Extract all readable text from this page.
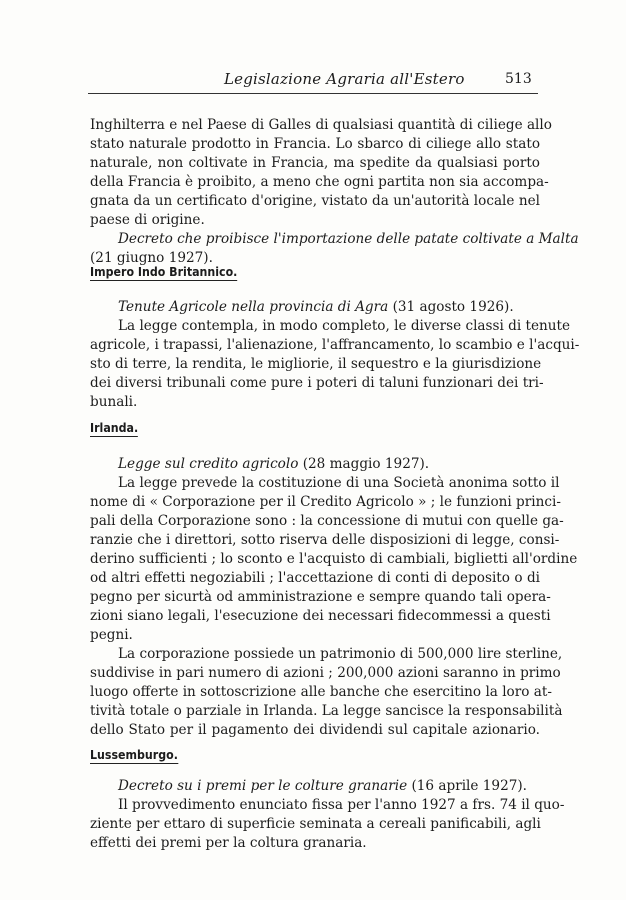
Legislazione Agraria all'Estero	513
Inghilterra e nel Paese di Galles di qualsiasi quantità di ciliege allo
stato naturale prodotto in Francia. Lo sbarco di ciliege allo stato
naturale, non coltivate in Francia, ma spedite da qualsiasi porto
della Francia è proibito, a meno che ogni partita non sia accompa-
gnata da un certificato d'origine, vistato da un'autorità locale nel
paese di origine.
Decreto che proibisce l'importazione delle patate coltivate a Malta
(21 giugno 1927).
Impero Indo Britannico.
Tenute Agricole nella provincia di Agra (31 agosto 1926).
La legge contempla, in modo completo, le diverse classi di tenute
agricole, i trapassi, l'alienazione, l'affrancamento, lo scambio e l'acqui-
sto di terre, la rendita, le migliorie, il sequestro e la giurisdizione
dei diversi tribunali come pure i poteri di taluni funzionari dei tri-
bunali.
Irlanda.
Legge sul credito agricolo (28 maggio 1927).
La legge prevede la costituzione di una Società anonima sotto il
nome di « Corporazione per il Credito Agricolo » ; le funzioni princi-
pali della Corporazione sono : la concessione di mutui con quelle ga-
ranzie che i direttori, sotto riserva delle disposizioni di legge, consi-
derino sufficienti ; lo sconto e l'acquisto di cambiali, biglietti all'ordine
od altri effetti negoziabili ; l'accettazione di conti di deposito o di
pegno per sicurtà od amministrazione e sempre quando tali opera-
zioni siano legali, l'esecuzione dei necessari fidecommessi a questi
pegni.
La corporazione possiede un patrimonio di 500,000 lire sterline,
suddivise in pari numero di azioni ; 200,000 azioni saranno in primo
luogo offerte in sottoscrizione alle banche che esercitino la loro at-
tività totale o parziale in Irlanda. La legge sancisce la responsabilità
dello Stato per il pagamento dei dividendi sul capitale azionario.
Lussemburgo.
Decreto su i premi per le colture granarie (16 aprile 1927).
Il provvedimento enunciato fissa per l'anno 1927 a frs. 74 il quo-
ziente per ettaro di superficie seminata a cereali panificabili, agli
effetti dei premi per la coltura granaria.
